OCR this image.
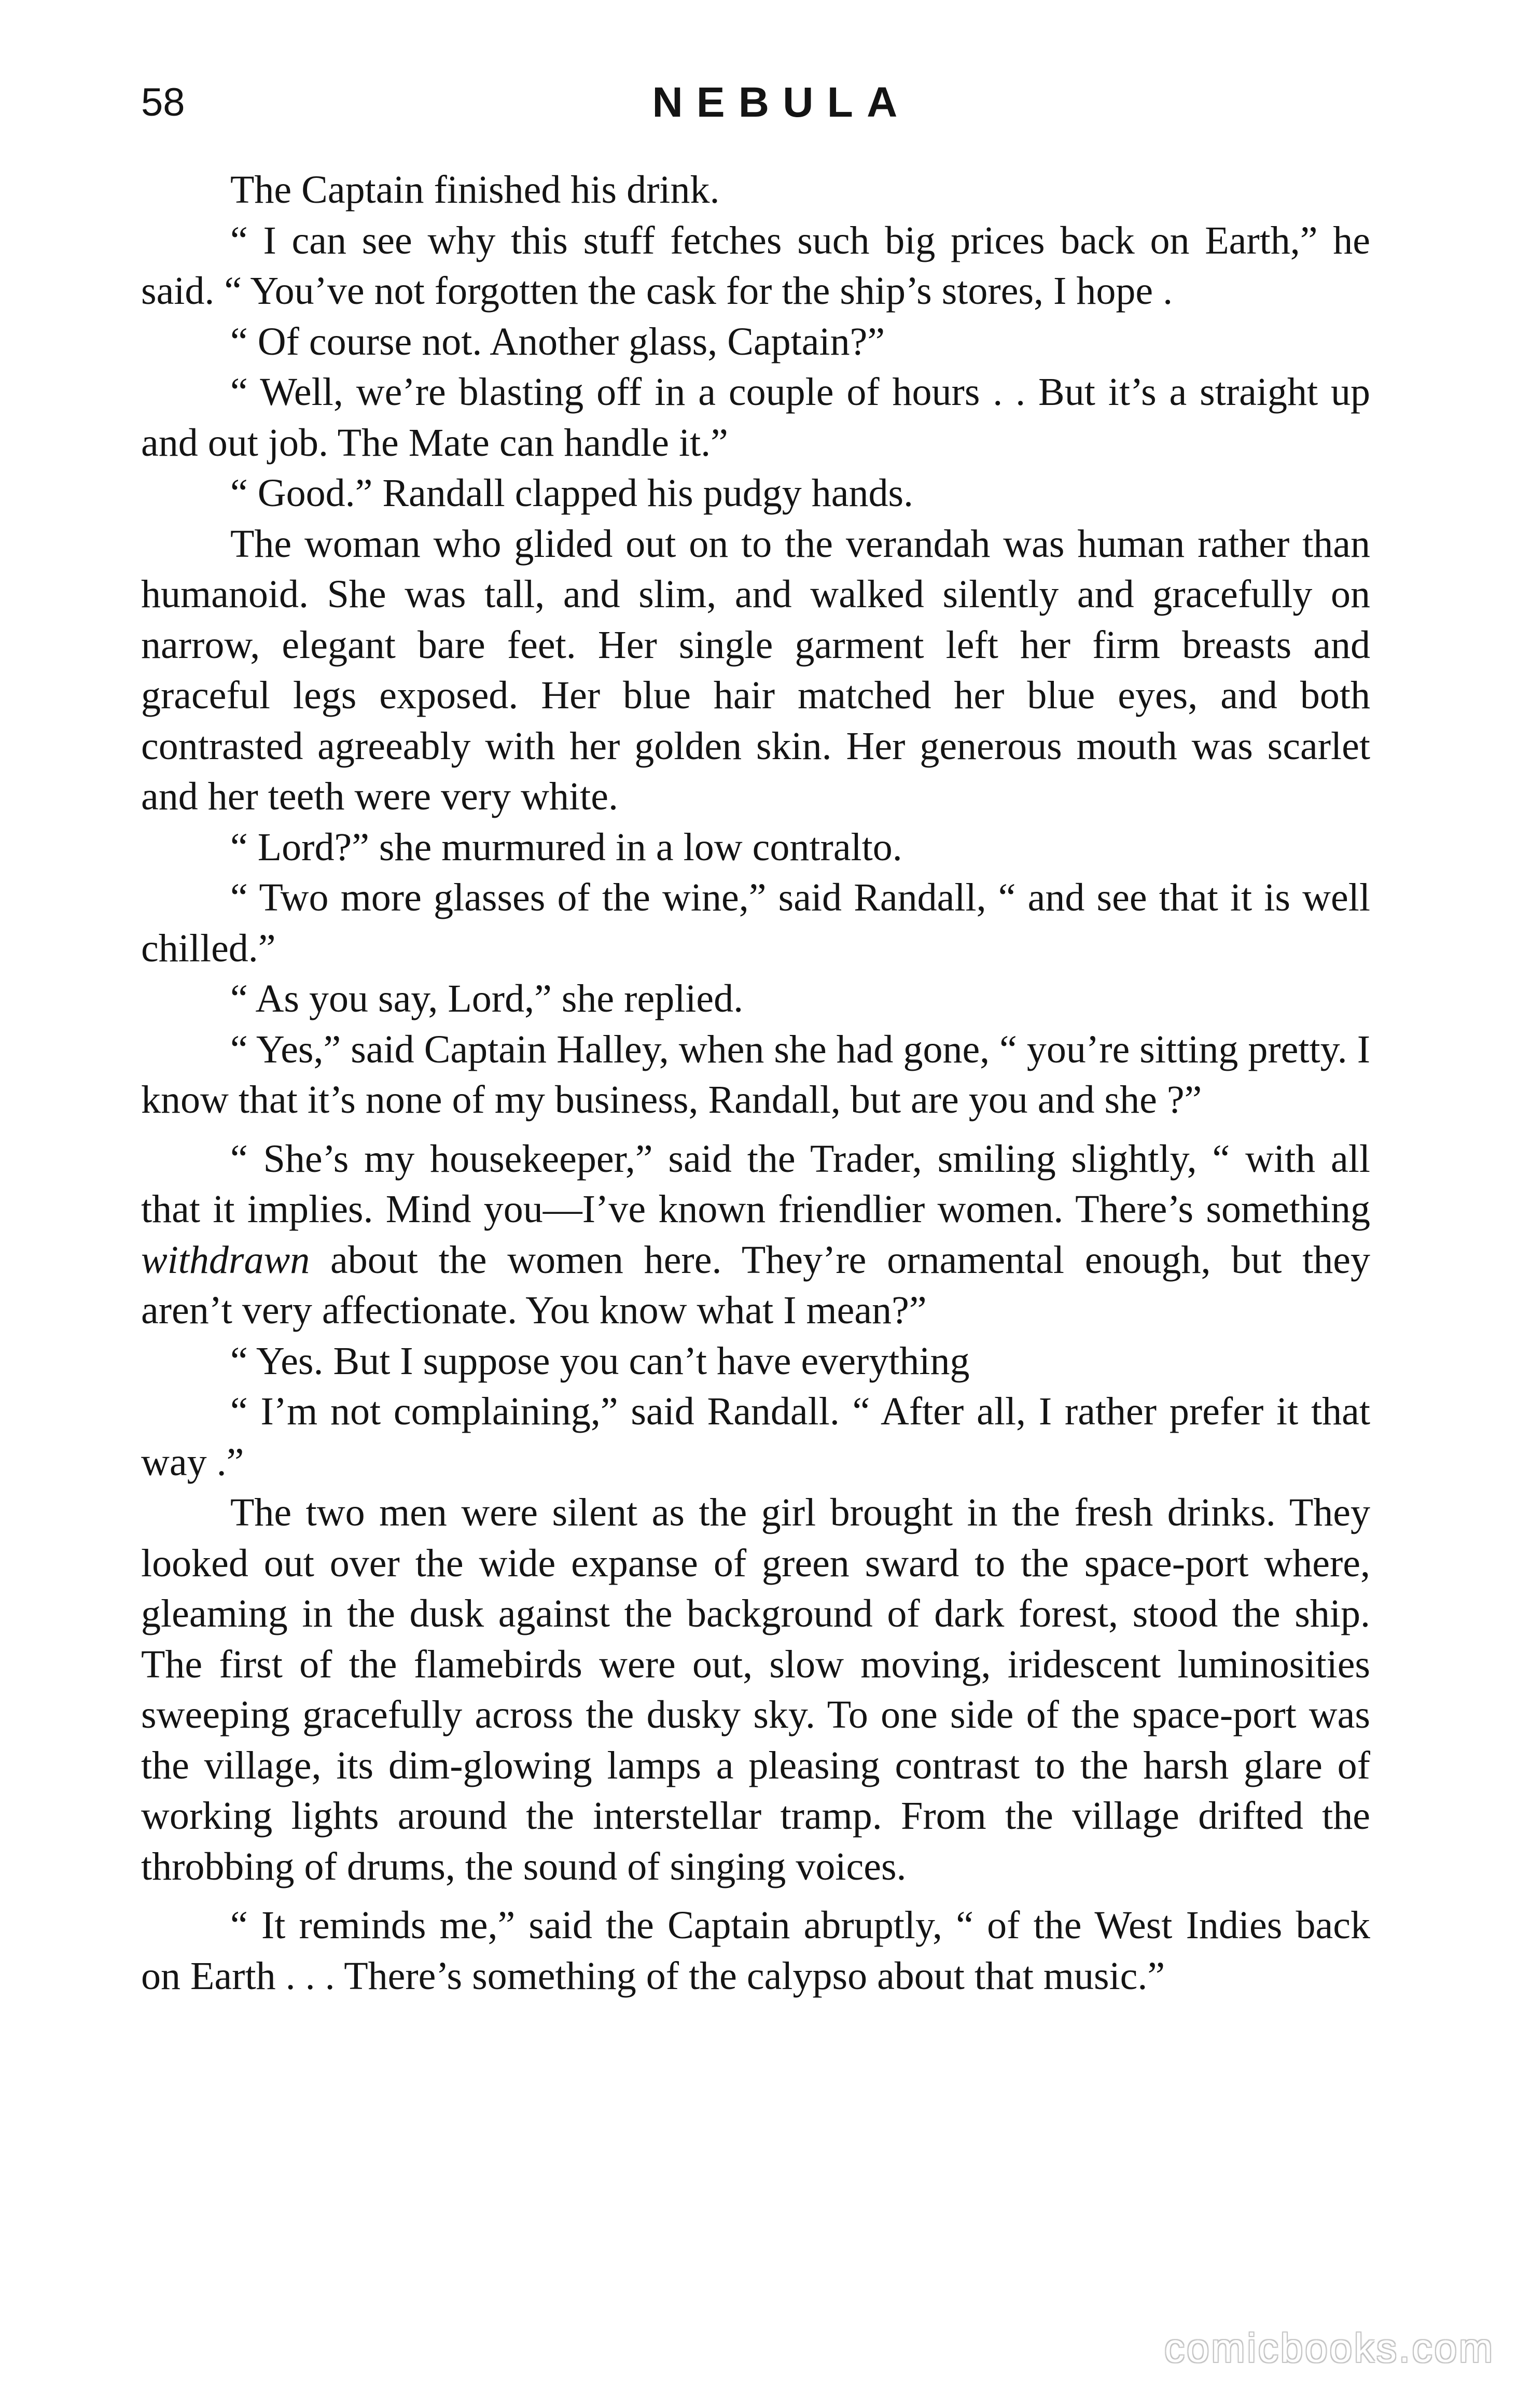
58	NEBULA

The Captain finished his drink.

“ I can see why this stuff fetches such big prices back on Earth,” he said. “ You’ve not forgotten the cask for the ship’s stores, I hope .

“ Of course not. Another glass, Captain?”

“ Well, we’re blasting off in a couple of hours . . But it’s a straight up and out job. The Mate can handle it.”

“ Good.” Randall clapped his pudgy hands.

The woman who glided out on to the verandah was human rather than humanoid. She was tall, and slim, and walked silently and gracefully on narrow, elegant bare feet. Her single garment left her firm breasts and graceful legs exposed. Her blue hair matched her blue eyes, and both contrasted agreeably with her golden skin. Her generous mouth was scarlet and her teeth were very white.

“ Lord?” she murmured in a low contralto.

“ Two more glasses of the wine,” said Randall, “ and see that it is well chilled.”

“ As you say, Lord,” she replied.

“ Yes,” said Captain Halley, when she had gone, “ you’re sitting pretty. I know that it’s none of my business, Randall, but are you and she ?”

“ She’s my housekeeper,” said the Trader, smiling slightly, “ with all that it implies. Mind you—I’ve known friendlier women. There’s something withdrawn about the women here. They’re ornamental enough, but they aren’t very affectionate. You know what I mean?”

“ Yes. But I suppose you can’t have everything

“ I’m not complaining,” said Randall. “ After all, I rather prefer it that way .”

The two men were silent as the girl brought in the fresh drinks. They looked out over the wide expanse of green sward to the space-port where, gleaming in the dusk against the background of dark forest, stood the ship. The first of the flamebirds were out, slow moving, iridescent luminosities sweeping gracefully across the dusky sky. To one side of the space-port was the village, its dim-glowing lamps a pleasing contrast to the harsh glare of working lights around the interstellar tramp. From the village drifted the throbbing of drums, the sound of singing voices.

“ It reminds me,” said the Captain abruptly, “ of the West Indies back on Earth . . . There’s something of the calypso about that music.”

comicbooks.com
